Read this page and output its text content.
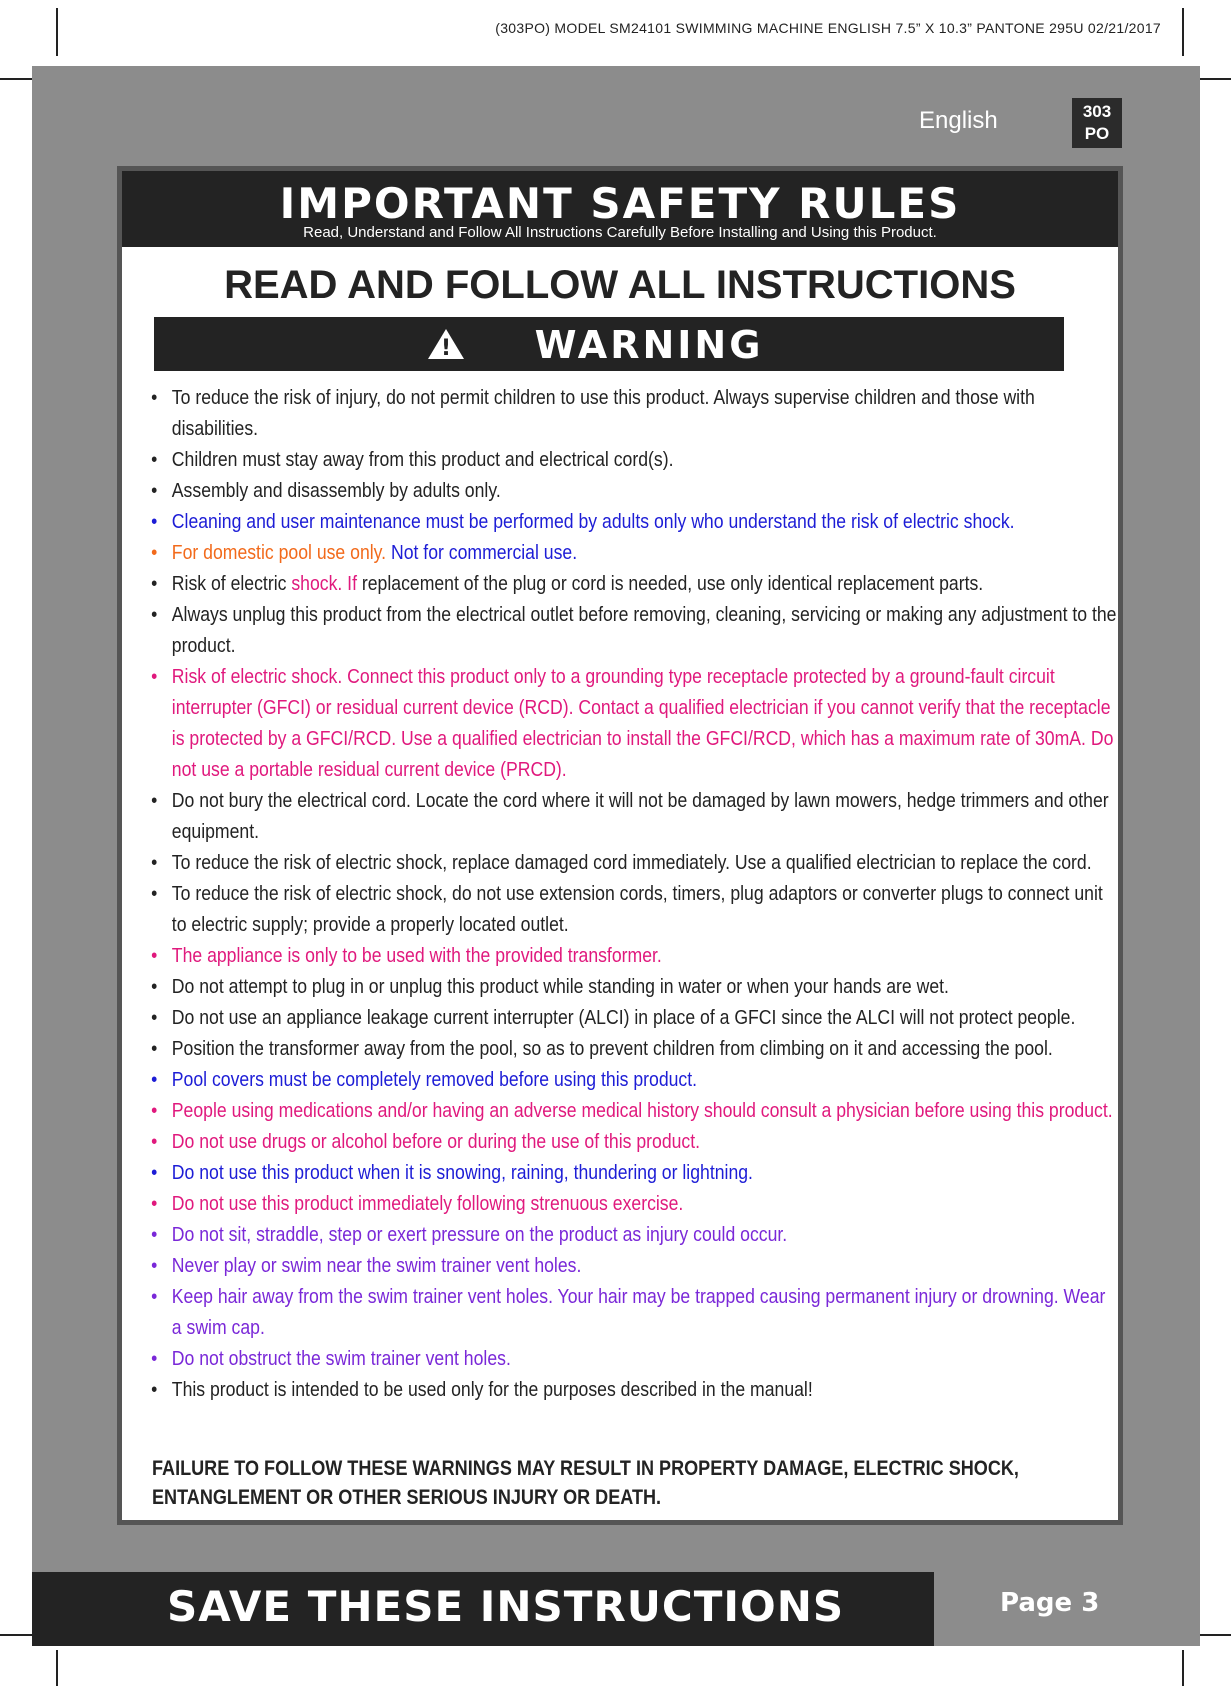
(303PO) MODEL SM24101 SWIMMING MACHINE ENGLISH 7.5” X 10.3” PANTONE 295U 02/21/2017
English	303
PO
IMPORTANT SAFETY RULES
Read, Understand and Follow All Instructions Carefully Before Installing and Using this Product.
READ AND FOLLOW ALL INSTRUCTIONS
!	WARNING
• To reduce the risk of injury, do not permit children to use this product. Always supervise children and those with disabilities.
• Children must stay away from this product and electrical cord(s).
• Assembly and disassembly by adults only.
• Cleaning and user maintenance must be performed by adults only who understand the risk of electric shock.
• For domestic pool use only. Not for commercial use.
• Risk of electric shock. If replacement of the plug or cord is needed, use only identical replacement parts.
• Always unplug this product from the electrical outlet before removing, cleaning, servicing or making any adjustment to the product.
• Risk of electric shock. Connect this product only to a grounding type receptacle protected by a ground-fault circuit interrupter (GFCI) or residual current device (RCD). Contact a qualified electrician if you cannot verify that the receptacle is protected by a GFCI/RCD. Use a qualified electrician to install the GFCI/RCD, which has a maximum rate of 30mA. Do not use a portable residual current device (PRCD).
• Do not bury the electrical cord. Locate the cord where it will not be damaged by lawn mowers, hedge trimmers and other equipment.
• To reduce the risk of electric shock, replace damaged cord immediately. Use a qualified electrician to replace the cord.
• To reduce the risk of electric shock, do not use extension cords, timers, plug adaptors or converter plugs to connect unit to electric supply; provide a properly located outlet.
• The appliance is only to be used with the provided transformer.
• Do not attempt to plug in or unplug this product while standing in water or when your hands are wet.
• Do not use an appliance leakage current interrupter (ALCI) in place of a GFCI since the ALCI will not protect people.
• Position the transformer away from the pool, so as to prevent children from climbing on it and accessing the pool.
• Pool covers must be completely removed before using this product.
• People using medications and/or having an adverse medical history should consult a physician before using this product.
• Do not use drugs or alcohol before or during the use of this product.
• Do not use this product when it is snowing, raining, thundering or lightning.
• Do not use this product immediately following strenuous exercise.
• Do not sit, straddle, step or exert pressure on the product as injury could occur.
• Never play or swim near the swim trainer vent holes.
• Keep hair away from the swim trainer vent holes. Your hair may be trapped causing permanent injury or drowning. Wear a swim cap.
• Do not obstruct the swim trainer vent holes.
• This product is intended to be used only for the purposes described in the manual!
FAILURE TO FOLLOW THESE WARNINGS MAY RESULT IN PROPERTY DAMAGE, ELECTRIC SHOCK,
ENTANGLEMENT OR OTHER SERIOUS INJURY OR DEATH.
SAVE THESE INSTRUCTIONS	Page 3
